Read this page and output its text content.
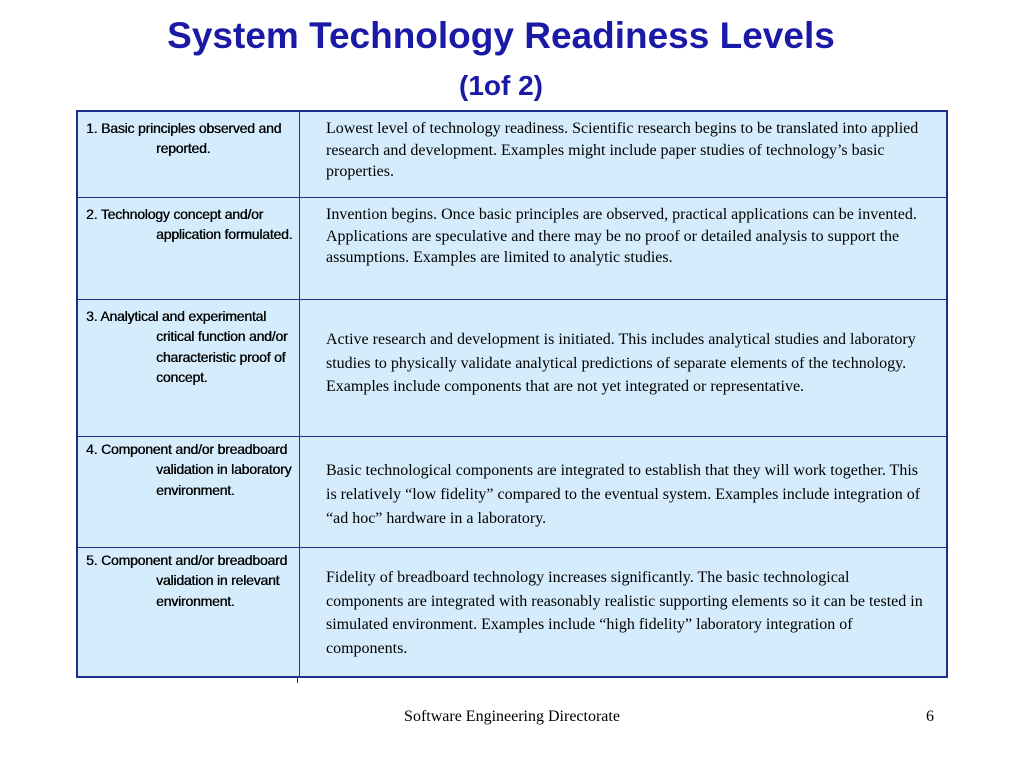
System Technology Readiness Levels
(1of 2)
1. Basic principles observed and reported.
Lowest level of technology readiness. Scientific research begins to be translated into applied research and development. Examples might include paper studies of technology’s basic properties.
2. Technology concept and/or application formulated.
Invention begins. Once basic principles are observed, practical applications can be invented. Applications are speculative and there may be no proof or detailed analysis to support the assumptions. Examples are limited to analytic studies.
3. Analytical and experimental critical function and/or characteristic proof of concept.
Active research and development is initiated. This includes analytical studies and laboratory studies to physically validate analytical predictions of separate elements of the technology. Examples include components that are not yet integrated or representative.
4. Component and/or breadboard validation in laboratory environment.
Basic technological components are integrated to establish that they will work together. This is relatively “low fidelity” compared to the eventual system. Examples include integration of “ad hoc” hardware in a laboratory.
5. Component and/or breadboard validation in relevant environment.
Fidelity of breadboard technology increases significantly. The basic technological components are integrated with reasonably realistic supporting elements so it can be tested in simulated environment. Examples include “high fidelity” laboratory integration of components.
Software Engineering Directorate	6
